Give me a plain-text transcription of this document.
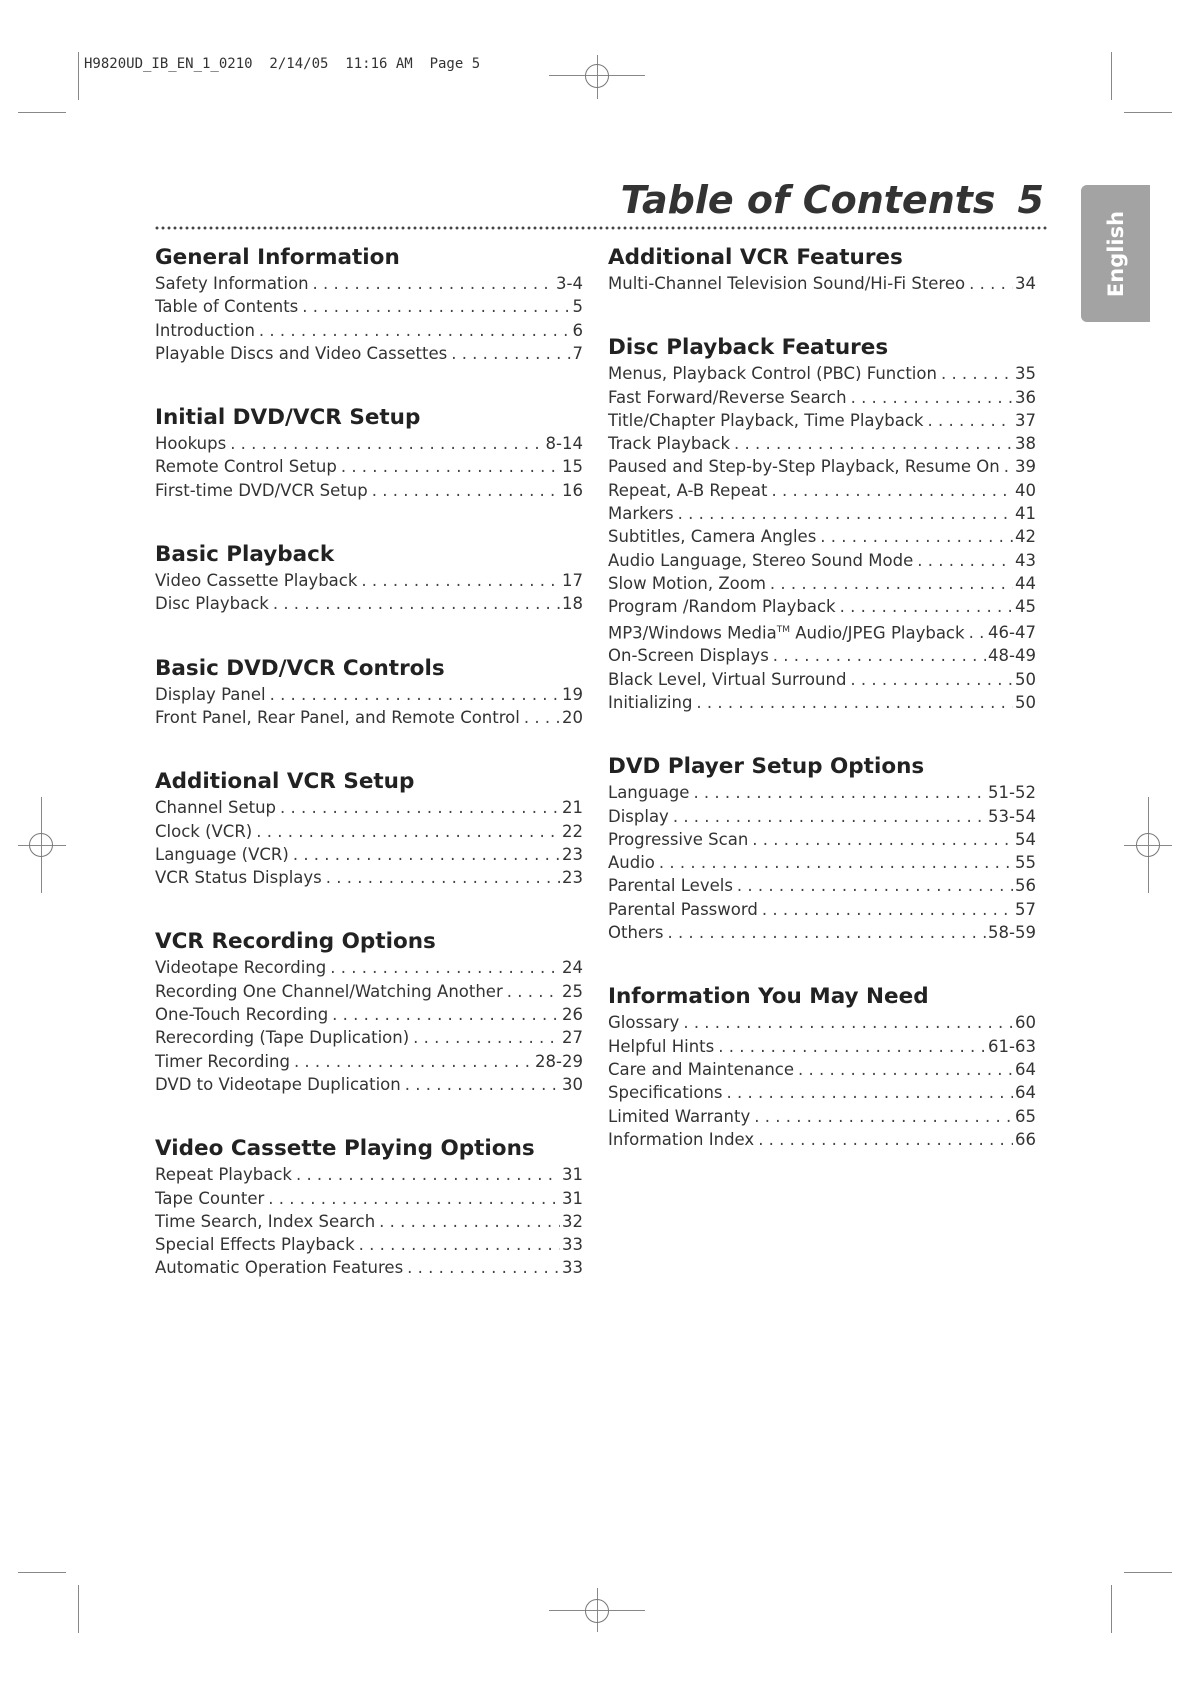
H9820UD_IB_EN_1_0210  2/14/05  11:16 AM  Page 5
English
Table of Contents 5
General Information
Safety Information . . .	3-4
Table of Contents . . .	5
Introduction . . .	6
Playable Discs and Video Cassettes . . .	7
Initial DVD/VCR Setup
Hookups . . .	8-14
Remote Control Setup . . .	15
First-time DVD/VCR Setup . . .	16
Basic Playback
Video Cassette Playback . . .	17
Disc Playback . . .	18
Basic DVD/VCR Controls
Display Panel . . .	19
Front Panel, Rear Panel, and Remote Control . . .	20
Additional VCR Setup
Channel Setup . . .	21
Clock (VCR) . . .	22
Language (VCR) . . .	23
VCR Status Displays . . .	23
VCR Recording Options
Videotape Recording . . .	24
Recording One Channel/Watching Another . . .	25
One-Touch Recording . . .	26
Rerecording (Tape Duplication) . . .	27
Timer Recording . . .	28-29
DVD to Videotape Duplication . . .	30
Video Cassette Playing Options
Repeat Playback . . .	31
Tape Counter . . .	31
Time Search, Index Search . . .	32
Special Effects Playback . . .	33
Automatic Operation Features . . .	33
Additional VCR Features
Multi-Channel Television Sound/Hi-Fi Stereo . . .	34
Disc Playback Features
Menus, Playback Control (PBC) Function . . .	35
Fast Forward/Reverse Search . . .	36
Title/Chapter Playback, Time Playback . . .	37
Track Playback . . .	38
Paused and Step-by-Step Playback, Resume On . . . 39
Repeat, A-B Repeat . . .	40
Markers . . .	41
Subtitles, Camera Angles . . .	42
Audio Language, Stereo Sound Mode . . .	43
Slow Motion, Zoom . . .	44
Program /Random Playback . . .	45
MP3/Windows Media™ Audio/JPEG Playback . . . 46-47
On-Screen Displays . . .	48-49
Black Level, Virtual Surround . . .	50
Initializing . . .	50
DVD Player Setup Options
Language . . .	51-52
Display . . .	53-54
Progressive Scan . . .	54
Audio . . .	55
Parental Levels . . .	56
Parental Password . . .	57
Others . . .	58-59
Information You May Need
Glossary . . .	60
Helpful Hints . . .	61-63
Care and Maintenance . . .	64
Specifications . . .	64
Limited Warranty . . .	65
Information Index . . .	66
